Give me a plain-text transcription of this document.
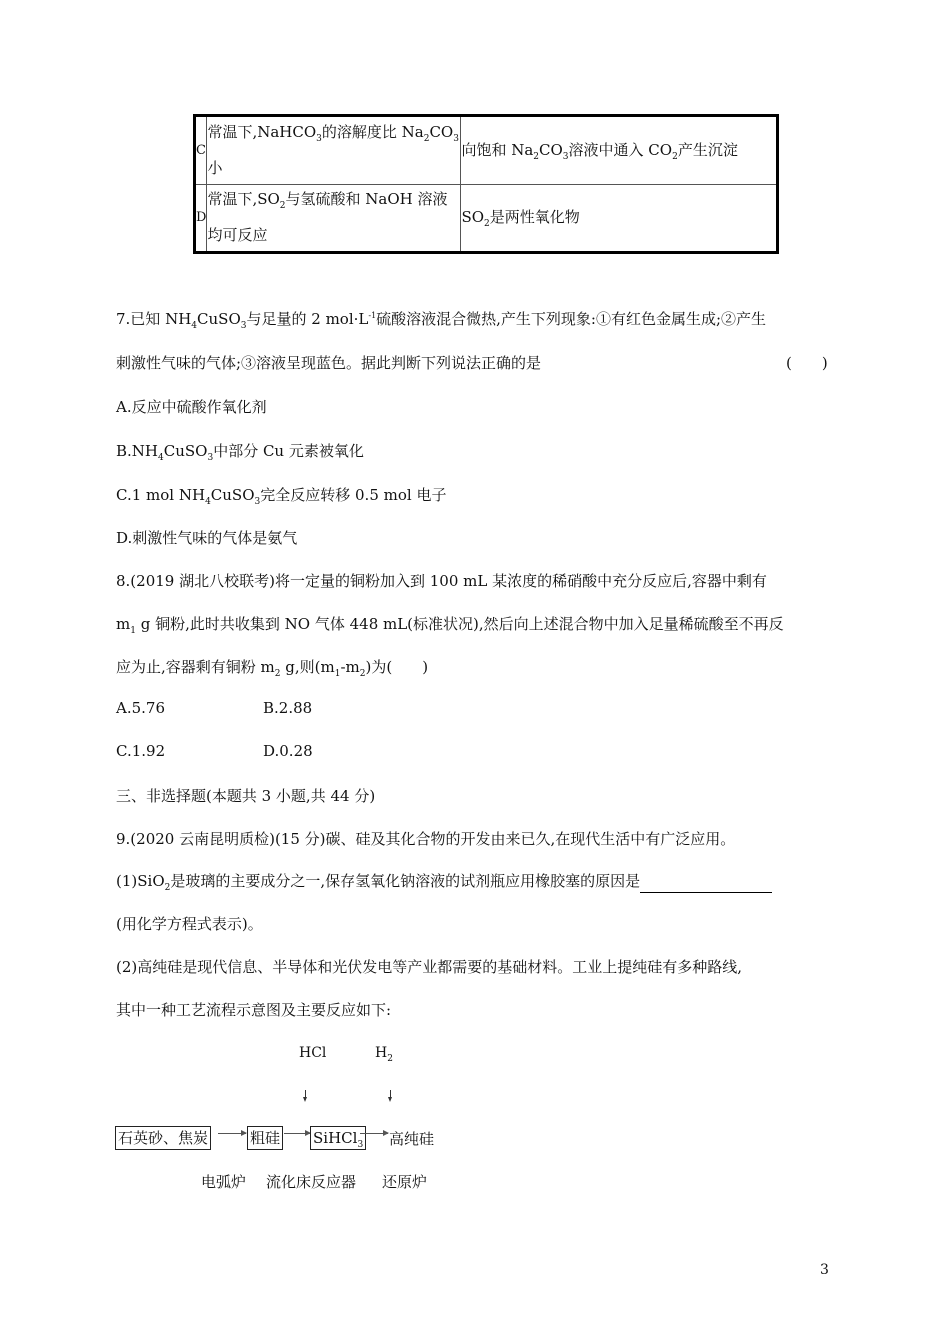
C	常温下,NaHCO$_3$的溶解度比 $Na_2CO_3$
小	向饱和 $Na_2CO_3$溶液中通入 $CO_2$产生沉淀
D	常温下$,SO_2$与氢硫酸和 NaOH 溶液
均可反应	$SO_2$是两性氧化物
7.已知 $NH_4CuSO_3$与足量的 2 $mol\cdot L^{-1}$硫酸溶液混合微热,产生下列现象:①有红色金属生成;②产生
刺激性气味的气体;③溶液呈现蓝色。据此判断下列说法正确的是	(　　)
A.反应中硫酸作氧化剂
$B.NH_4CuSO_3$中部分 Cu 元素被氧化
C.1 mol $NH_4CuSO_3$完全反应转移 0.5 mol 电子
D.刺激性气味的气体是氨气
8.(2019 湖北八校联考)将一定量的铜粉加入到 100 mL 某浓度的稀硝酸中充分反应后,容器中剩有
$m_1$ g 铜粉,此时共收集到 NO 气体 448 mL(标准状况),然后向上述混合物中加入足量稀硫酸至不再反
应为止,容器剩有铜粉 $m_2$ g,则$(m_1-m_2)$为(　　)
A.5.76	B.2.88
C.1.92	D.0.28
三、非选择题(本题共 3 小题,共 44 分)
9.(2020 云南昆明质检)(15 分)碳、硅及其化合物的开发由来已久,在现代生活中有广泛应用。
(1)SiO$_2$是玻璃的主要成分之一,保存氢氧化钠溶液的试剂瓶应用橡胶塞的原因是
(用化学方程式表示)。
(2)高纯硅是现代信息、半导体和光伏发电等产业都需要的基础材料。工业上提纯硅有多种路线,
其中一种工艺流程示意图及主要反应如下:
HCl	$H_2$
石英砂、焦炭	粗硅 SiHCl$_3$ 高纯硅
电弧炉 流化床反应器 还原炉
3
